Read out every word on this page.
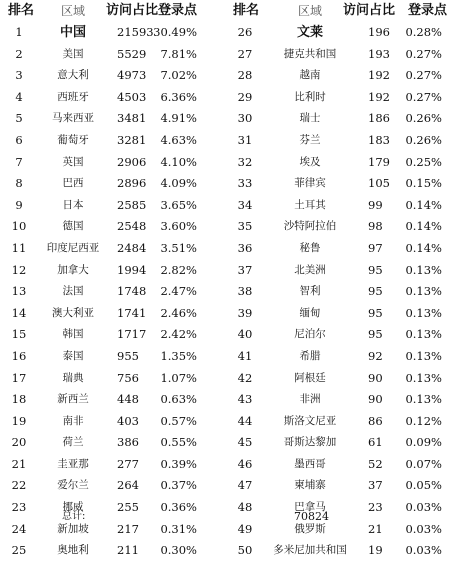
排名	区域	访问占比 登录点
1	中国	21593 30.49%
2	美国	5529	7.81%
3	意大利	4973	7.02%
4	西班牙	4503	6.36%
5	马来西亚	3481	4.91%
6	葡萄牙	3281	4.63%
7	英国	2906	4.10%
8	巴西	2896	4.09%
9	日本	2585	3.65%
10	德国	2548	3.60%
11	印度尼西亚	2484	3.51%
12	加拿大	1994	2.82%
13	法国	1748	2.47%
14	澳大利亚	1741	2.46%
15	韩国	1717	2.42%
16	泰国	955	1.35%
17	瑞典	756	1.07%
18	新西兰	448	0.63%
19	南非	403	0.57%
20	荷兰	386	0.55%
21	圭亚那	277	0.39%
22	爱尔兰	264	0.37%
23	挪威	255	0.36%
24	新加坡	217	0.31%
25	奥地利	211	0.30%
排名	区域	访问占比 登录点
26	文莱	196	0.28%
27	捷克共和国	193	0.27%
28	越南	192	0.27%
29	比利时	192	0.27%
30	瑞士	186	0.26%
31	芬兰	183	0.26%
32	埃及	179	0.25%
33	菲律宾	105	0.15%
34	土耳其	99	0.14%
35	沙特阿拉伯	98	0.14%
36	秘鲁	97	0.14%
37	北美洲	95	0.13%
38	智利	95	0.13%
39	缅甸	95	0.13%
40	尼泊尔	95	0.13%
41	希腊	92	0.13%
42	阿根廷	90	0.13%
43	非洲	90	0.13%
44	斯洛文尼亚	86	0.12%
45	哥斯达黎加	61	0.09%
46	墨西哥	52	0.07%
47	柬埔寨	37	0.05%
48	巴拿马	23	0.03%
49	俄罗斯	21	0.03%
50	多米尼加共和国	19	0.03%
总计:	70824
